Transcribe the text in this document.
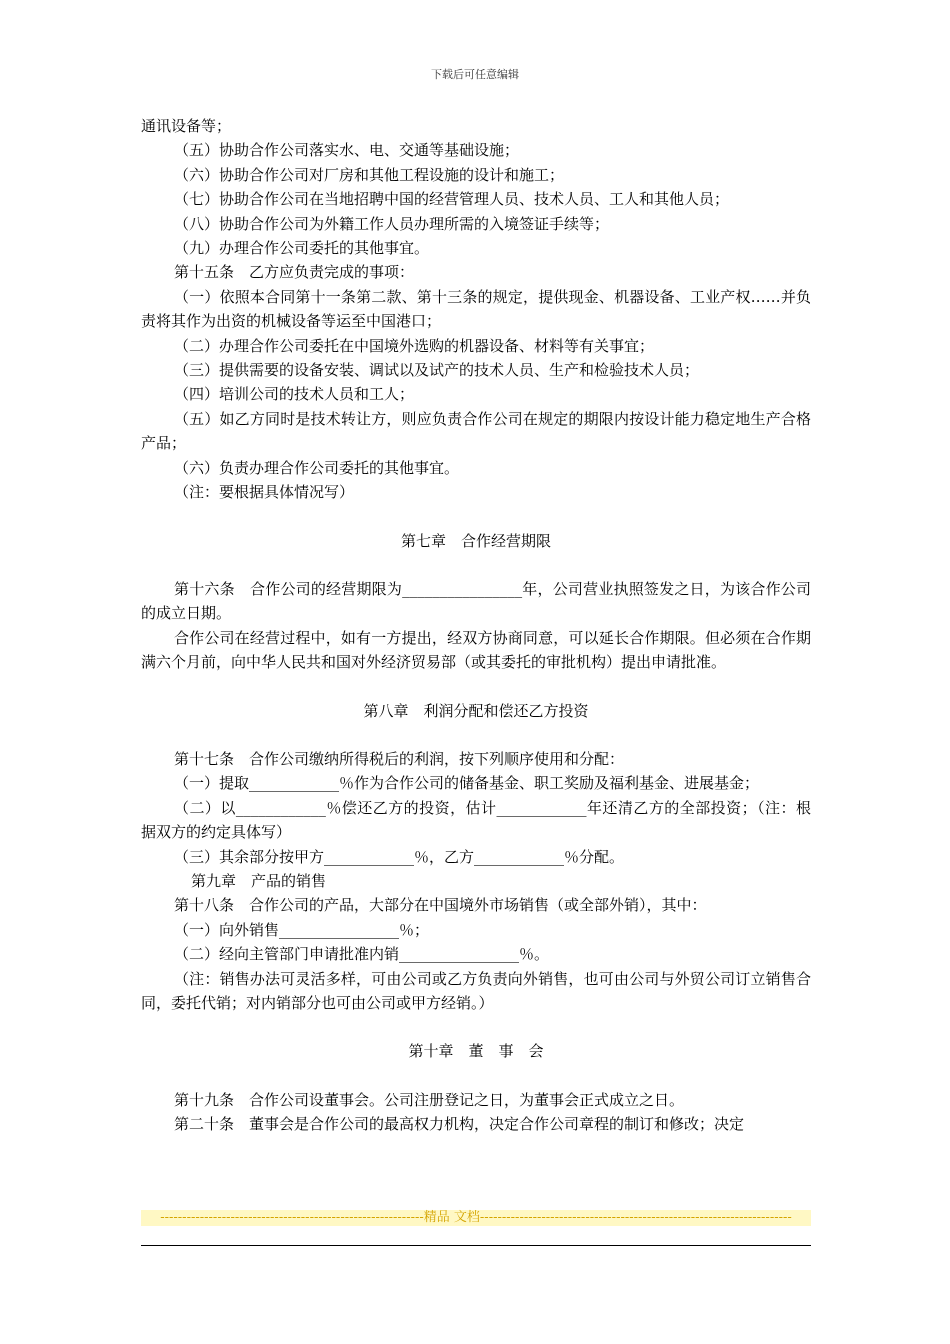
下载后可任意编辑

通讯设备等；

（五）协助合作公司落实水、电、交通等基础设施；

（六）协助合作公司对厂房和其他工程设施的设计和施工；

（七）协助合作公司在当地招聘中国的经营管理人员、技术人员、工人和其他人员；

（八）协助合作公司为外籍工作人员办理所需的入境签证手续等；

（九）办理合作公司委托的其他事宜。

第十五条　乙方应负责完成的事项：

（一）依照本合同第十一条第二款、第十三条的规定，提供现金、机器设备、工业产权……并负责将其作为出资的机械设备等运至中国港口；

（二）办理合作公司委托在中国境外选购的机器设备、材料等有关事宜；

（三）提供需要的设备安装、调试以及试产的技术人员、生产和检验技术人员；

（四）培训公司的技术人员和工人；

（五）如乙方同时是技术转让方，则应负责合作公司在规定的期限内按设计能力稳定地生产合格产品；

（六）负责办理合作公司委托的其他事宜。

（注：要根据具体情况写）

第七章　合作经营期限

第十六条　合作公司的经营期限为________________年，公司营业执照签发之日，为该合作公司的成立日期。

合作公司在经营过程中，如有一方提出，经双方协商同意，可以延长合作期限。但必须在合作期满六个月前，向中华人民共和国对外经济贸易部（或其委托的审批机构）提出申请批准。

第八章　利润分配和偿还乙方投资

第十七条　合作公司缴纳所得税后的利润，按下列顺序使用和分配：

（一）提取____________％作为合作公司的储备基金、职工奖励及福利基金、进展基金；

（二）以____________％偿还乙方的投资，估计____________年还清乙方的全部投资；（注：根据双方的约定具体写）

（三）其余部分按甲方____________％，乙方____________％分配。

第九章　产品的销售

第十八条　合作公司的产品，大部分在中国境外市场销售（或全部外销），其中：

（一）向外销售________________％；

（二）经向主管部门申请批准内销________________％。

（注：销售办法可灵活多样，可由公司或乙方负责向外销售，也可由公司与外贸公司订立销售合同，委托代销；对内销部分也可由公司或甲方经销。）

第十章　董　事　会

第十九条　合作公司设董事会。公司注册登记之日，为董事会正式成立之日。

第二十条　董事会是合作公司的最高权力机构，决定合作公司章程的制订和修改；决定

------------------------------------------------------------精品 文档-----------------------------------------------------------------------
